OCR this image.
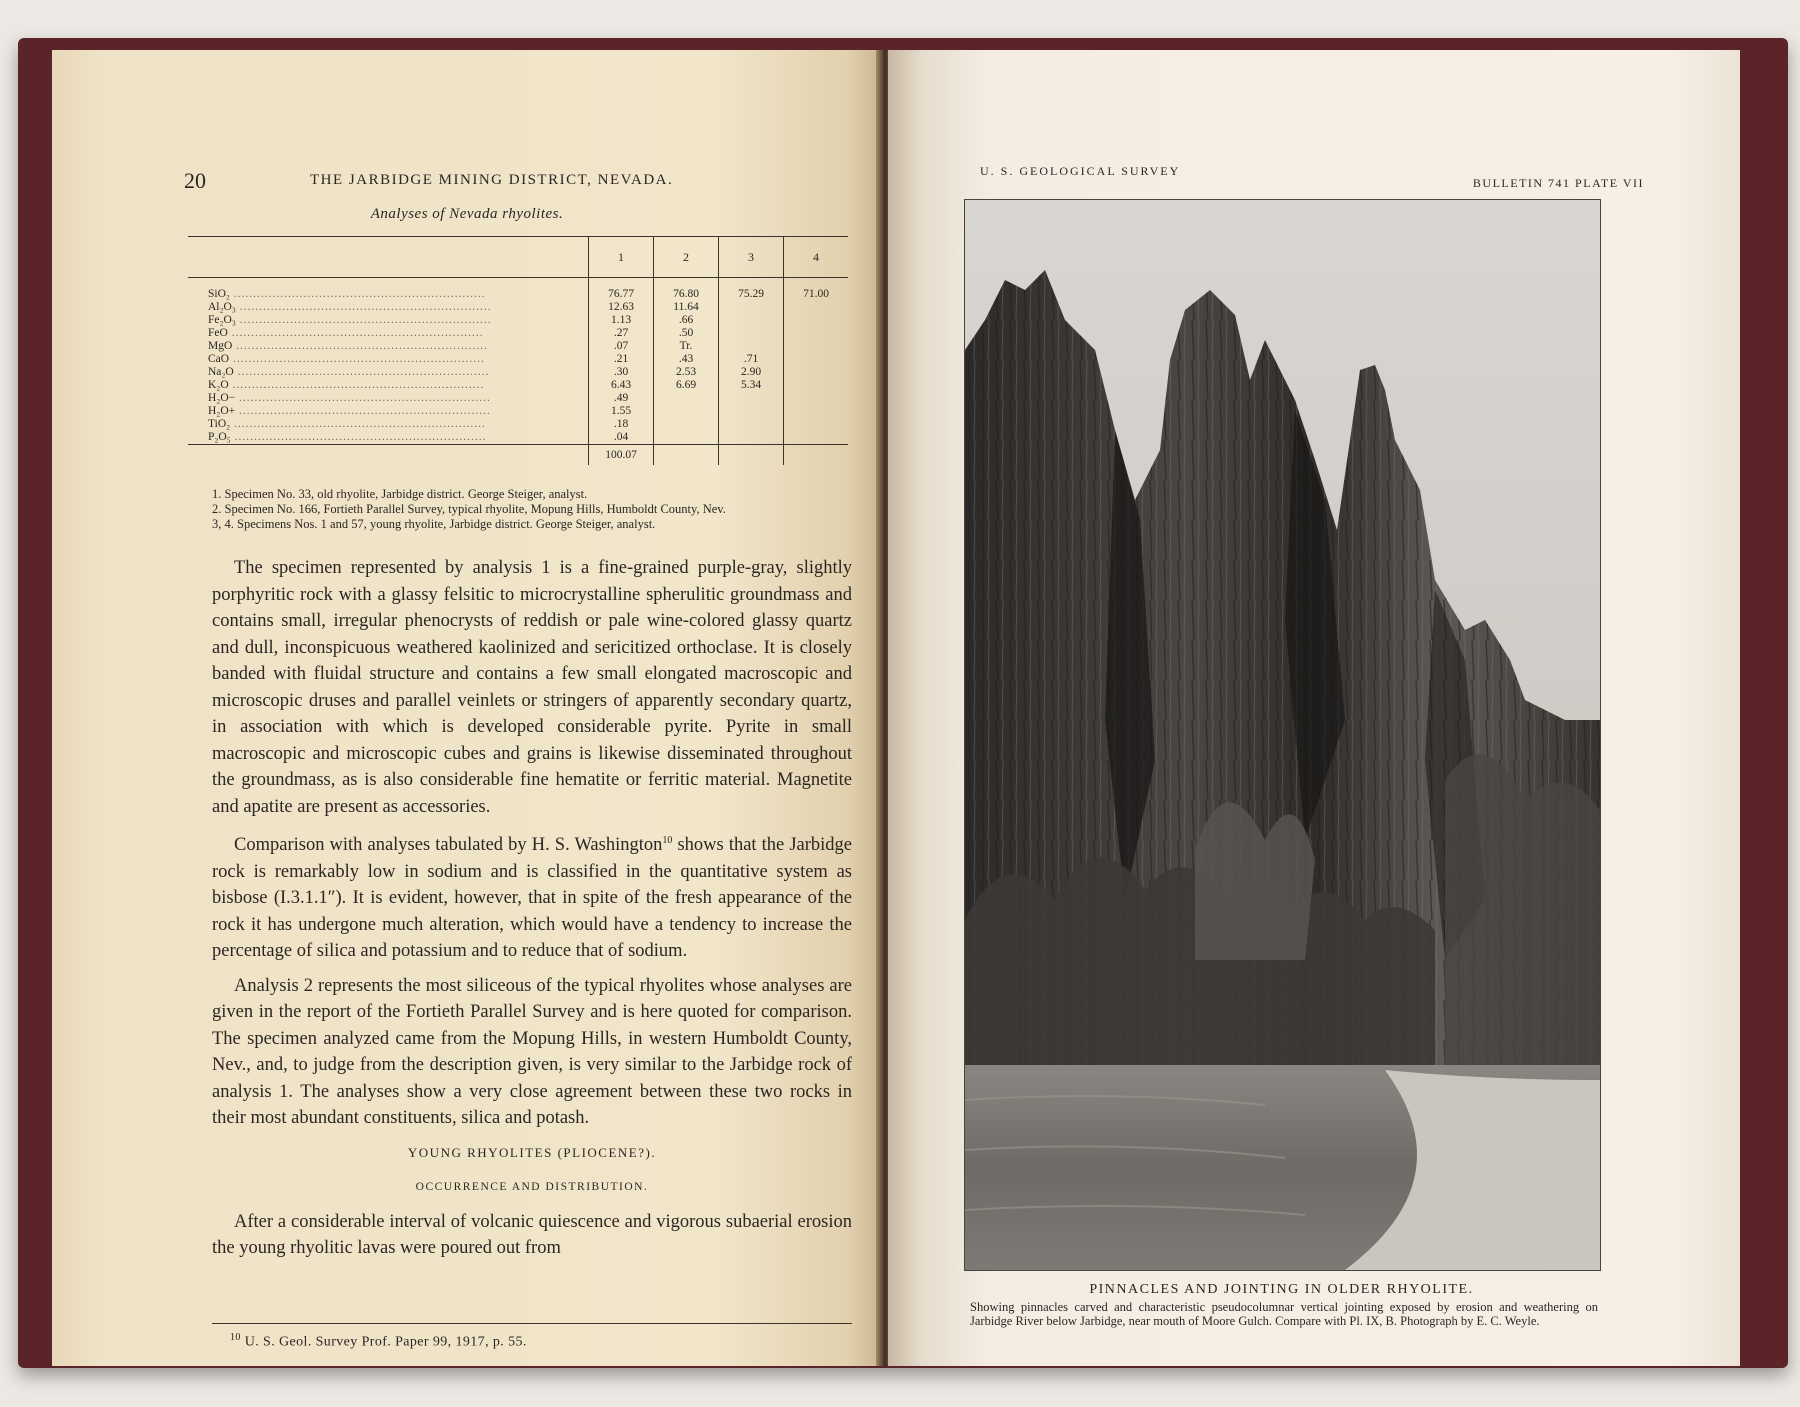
20	THE JARBIDGE MINING DISTRICT, NEVADA.
Analyses of Nevada rhyolites.
	1	2	3	4
SiO₂ .................................................................	76.77	76.80	75.29	71.00
Al₂O₃ .................................................................	12.63	11.64		
Fe₂O₃ .................................................................	1.13	.66		
FeO .................................................................	.27	.50		
MgO .................................................................	.07	Tr.		
CaO .................................................................	.21	.43	.71	
Na₂O .................................................................	.30	2.53	2.90	
K₂O .................................................................	6.43	6.69	5.34	
H₂O− .................................................................	.49			
H₂O+ .................................................................	1.55			
TiO₂ .................................................................	.18			
P₂O₅ .................................................................	.04			
	100.07			

1. Specimen No. 33, old rhyolite, Jarbidge district. George Steiger, analyst.

2. Specimen No. 166, Fortieth Parallel Survey, typical rhyolite, Mopung Hills, Humboldt County, Nev.

3, 4. Specimens Nos. 1 and 57, young rhyolite, Jarbidge district. George Steiger, analyst.

The specimen represented by analysis 1 is a fine-grained purple-gray, slightly porphyritic rock with a glassy felsitic to microcrystalline spherulitic groundmass and contains small, irregular phenocrysts of reddish or pale wine-colored glassy quartz and dull, inconspicuous weathered kaolinized and sericitized orthoclase. It is closely banded with fluidal structure and contains a few small elongated macroscopic and microscopic druses and parallel veinlets or stringers of apparently secondary quartz, in association with which is developed considerable pyrite. Pyrite in small macroscopic and microscopic cubes and grains is likewise disseminated throughout the groundmass, as is also considerable fine hematite or ferritic material. Magnetite and apatite are present as accessories.

Comparison with analyses tabulated by H. S. Washington$^{10}$ shows that the Jarbidge rock is remarkably low in sodium and is classified in the quantitative system as bisbose (I.3.1.1″). It is evident, however, that in spite of the fresh appearance of the rock it has undergone much alteration, which would have a tendency to increase the percentage of silica and potassium and to reduce that of sodium.

Analysis 2 represents the most siliceous of the typical rhyolites whose analyses are given in the report of the Fortieth Parallel Survey and is here quoted for comparison. The specimen analyzed came from the Mopung Hills, in western Humboldt County, Nev., and, to judge from the description given, is very similar to the Jarbidge rock of analysis 1. The analyses show a very close agreement between these two rocks in their most abundant constituents, silica and potash.

YOUNG RHYOLITES (PLIOCENE?).

OCCURRENCE AND DISTRIBUTION.

After a considerable interval of volcanic quiescence and vigorous subaerial erosion the young rhyolitic lavas were poured out from

$^{10}$ U. S. Geol. Survey Prof. Paper 99, 1917, p. 55.
U. S. GEOLOGICAL SURVEY
BULLETIN 741 PLATE VII
PINNACLES AND JOINTING IN OLDER RHYOLITE.
Showing pinnacles carved and characteristic pseudocolumnar vertical jointing exposed by erosion and weathering on Jarbidge River below Jarbidge, near mouth of Moore Gulch. Compare with Pl. IX, B. Photograph by E. C. Weyle.
